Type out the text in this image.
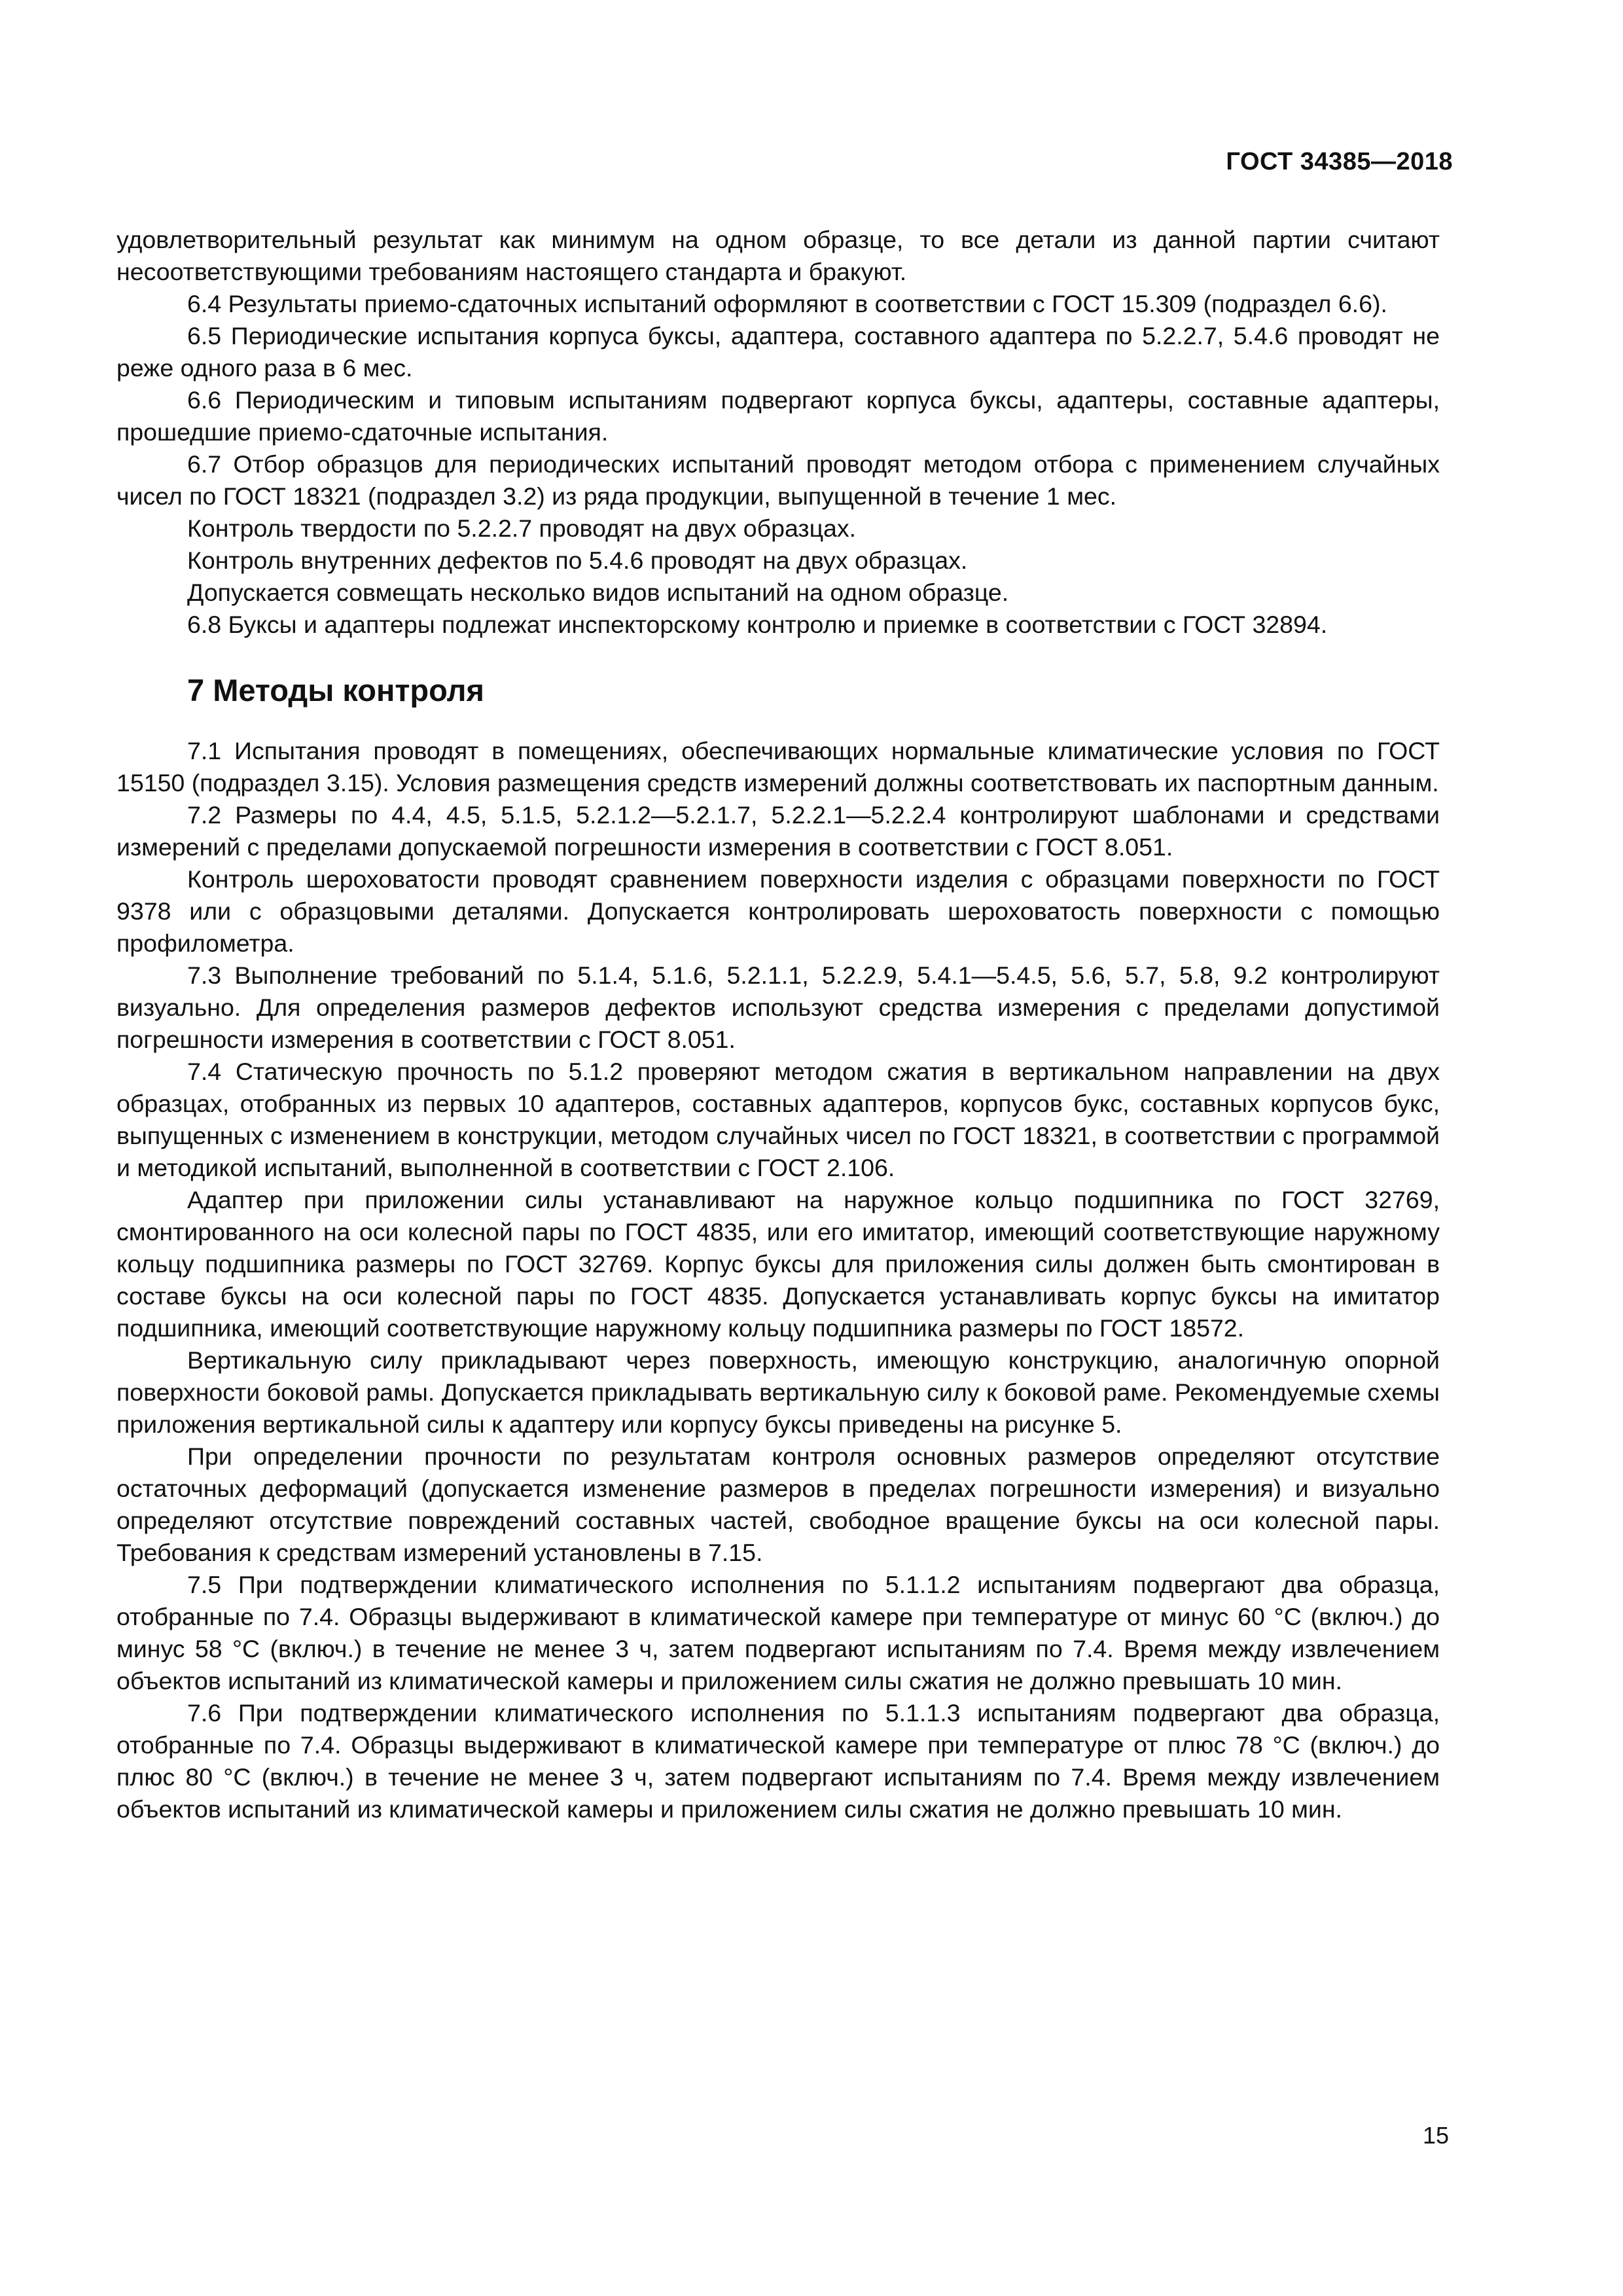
ГОСТ 34385—2018

удовлетворительный результат как минимум на одном образце, то все детали из данной партии считают несоответствующими требованиям настоящего стандарта и бракуют.

6.4 Результаты приемо-сдаточных испытаний оформляют в соответствии с ГОСТ 15.309 (подраздел 6.6).

6.5 Периодические испытания корпуса буксы, адаптера, составного адаптера по 5.2.2.7, 5.4.6 проводят не реже одного раза в 6 мес.

6.6 Периодическим и типовым испытаниям подвергают корпуса буксы, адаптеры, составные адаптеры, прошедшие приемо-сдаточные испытания.

6.7 Отбор образцов для периодических испытаний проводят методом отбора с применением случайных чисел по ГОСТ 18321 (подраздел 3.2) из ряда продукции, выпущенной в течение 1 мес.

Контроль твердости по 5.2.2.7 проводят на двух образцах.

Контроль внутренних дефектов по 5.4.6 проводят на двух образцах.

Допускается совмещать несколько видов испытаний на одном образце.

6.8 Буксы и адаптеры подлежат инспекторскому контролю и приемке в соответствии с ГОСТ 32894.

7 Методы контроля

7.1 Испытания проводят в помещениях, обеспечивающих нормальные климатические условия по ГОСТ 15150 (подраздел 3.15). Условия размещения средств измерений должны соответствовать их паспортным данным.

7.2 Размеры по 4.4, 4.5, 5.1.5, 5.2.1.2—5.2.1.7, 5.2.2.1—5.2.2.4 контролируют шаблонами и средствами измерений с пределами допускаемой погрешности измерения в соответствии с ГОСТ 8.051.

Контроль шероховатости проводят сравнением поверхности изделия с образцами поверхности по ГОСТ 9378 или с образцовыми деталями. Допускается контролировать шероховатость поверхности с помощью профилометра.

7.3 Выполнение требований по 5.1.4, 5.1.6, 5.2.1.1, 5.2.2.9, 5.4.1—5.4.5, 5.6, 5.7, 5.8, 9.2 контролируют визуально. Для определения размеров дефектов используют средства измерения с пределами допустимой погрешности измерения в соответствии с ГОСТ 8.051.

7.4 Статическую прочность по 5.1.2 проверяют методом сжатия в вертикальном направлении на двух образцах, отобранных из первых 10 адаптеров, составных адаптеров, корпусов букс, составных корпусов букс, выпущенных с изменением в конструкции, методом случайных чисел по ГОСТ 18321, в соответствии с программой и методикой испытаний, выполненной в соответствии с ГОСТ 2.106.

Адаптер при приложении силы устанавливают на наружное кольцо подшипника по ГОСТ 32769, смонтированного на оси колесной пары по ГОСТ 4835, или его имитатор, имеющий соответствующие наружному кольцу подшипника размеры по ГОСТ 32769. Корпус буксы для приложения силы должен быть смонтирован в составе буксы на оси колесной пары по ГОСТ 4835. Допускается устанавливать корпус буксы на имитатор подшипника, имеющий соответствующие наружному кольцу подшипника размеры по ГОСТ 18572.

Вертикальную силу прикладывают через поверхность, имеющую конструкцию, аналогичную опорной поверхности боковой рамы. Допускается прикладывать вертикальную силу к боковой раме. Рекомендуемые схемы приложения вертикальной силы к адаптеру или корпусу буксы приведены на рисунке 5.

При определении прочности по результатам контроля основных размеров определяют отсутствие остаточных деформаций (допускается изменение размеров в пределах погрешности измерения) и визуально определяют отсутствие повреждений составных частей, свободное вращение буксы на оси колесной пары. Требования к средствам измерений установлены в 7.15.

7.5 При подтверждении климатического исполнения по 5.1.1.2 испытаниям подвергают два образца, отобранные по 7.4. Образцы выдерживают в климатической камере при температуре от минус 60 °С (включ.) до минус 58 °С (включ.) в течение не менее 3 ч, затем подвергают испытаниям по 7.4. Время между извлечением объектов испытаний из климатической камеры и приложением силы сжатия не должно превышать 10 мин.

7.6 При подтверждении климатического исполнения по 5.1.1.3 испытаниям подвергают два образца, отобранные по 7.4. Образцы выдерживают в климатической камере при температуре от плюс 78 °С (включ.) до плюс 80 °С (включ.) в течение не менее 3 ч, затем подвергают испытаниям по 7.4. Время между извлечением объектов испытаний из климатической камеры и приложением силы сжатия не должно превышать 10 мин.

15
